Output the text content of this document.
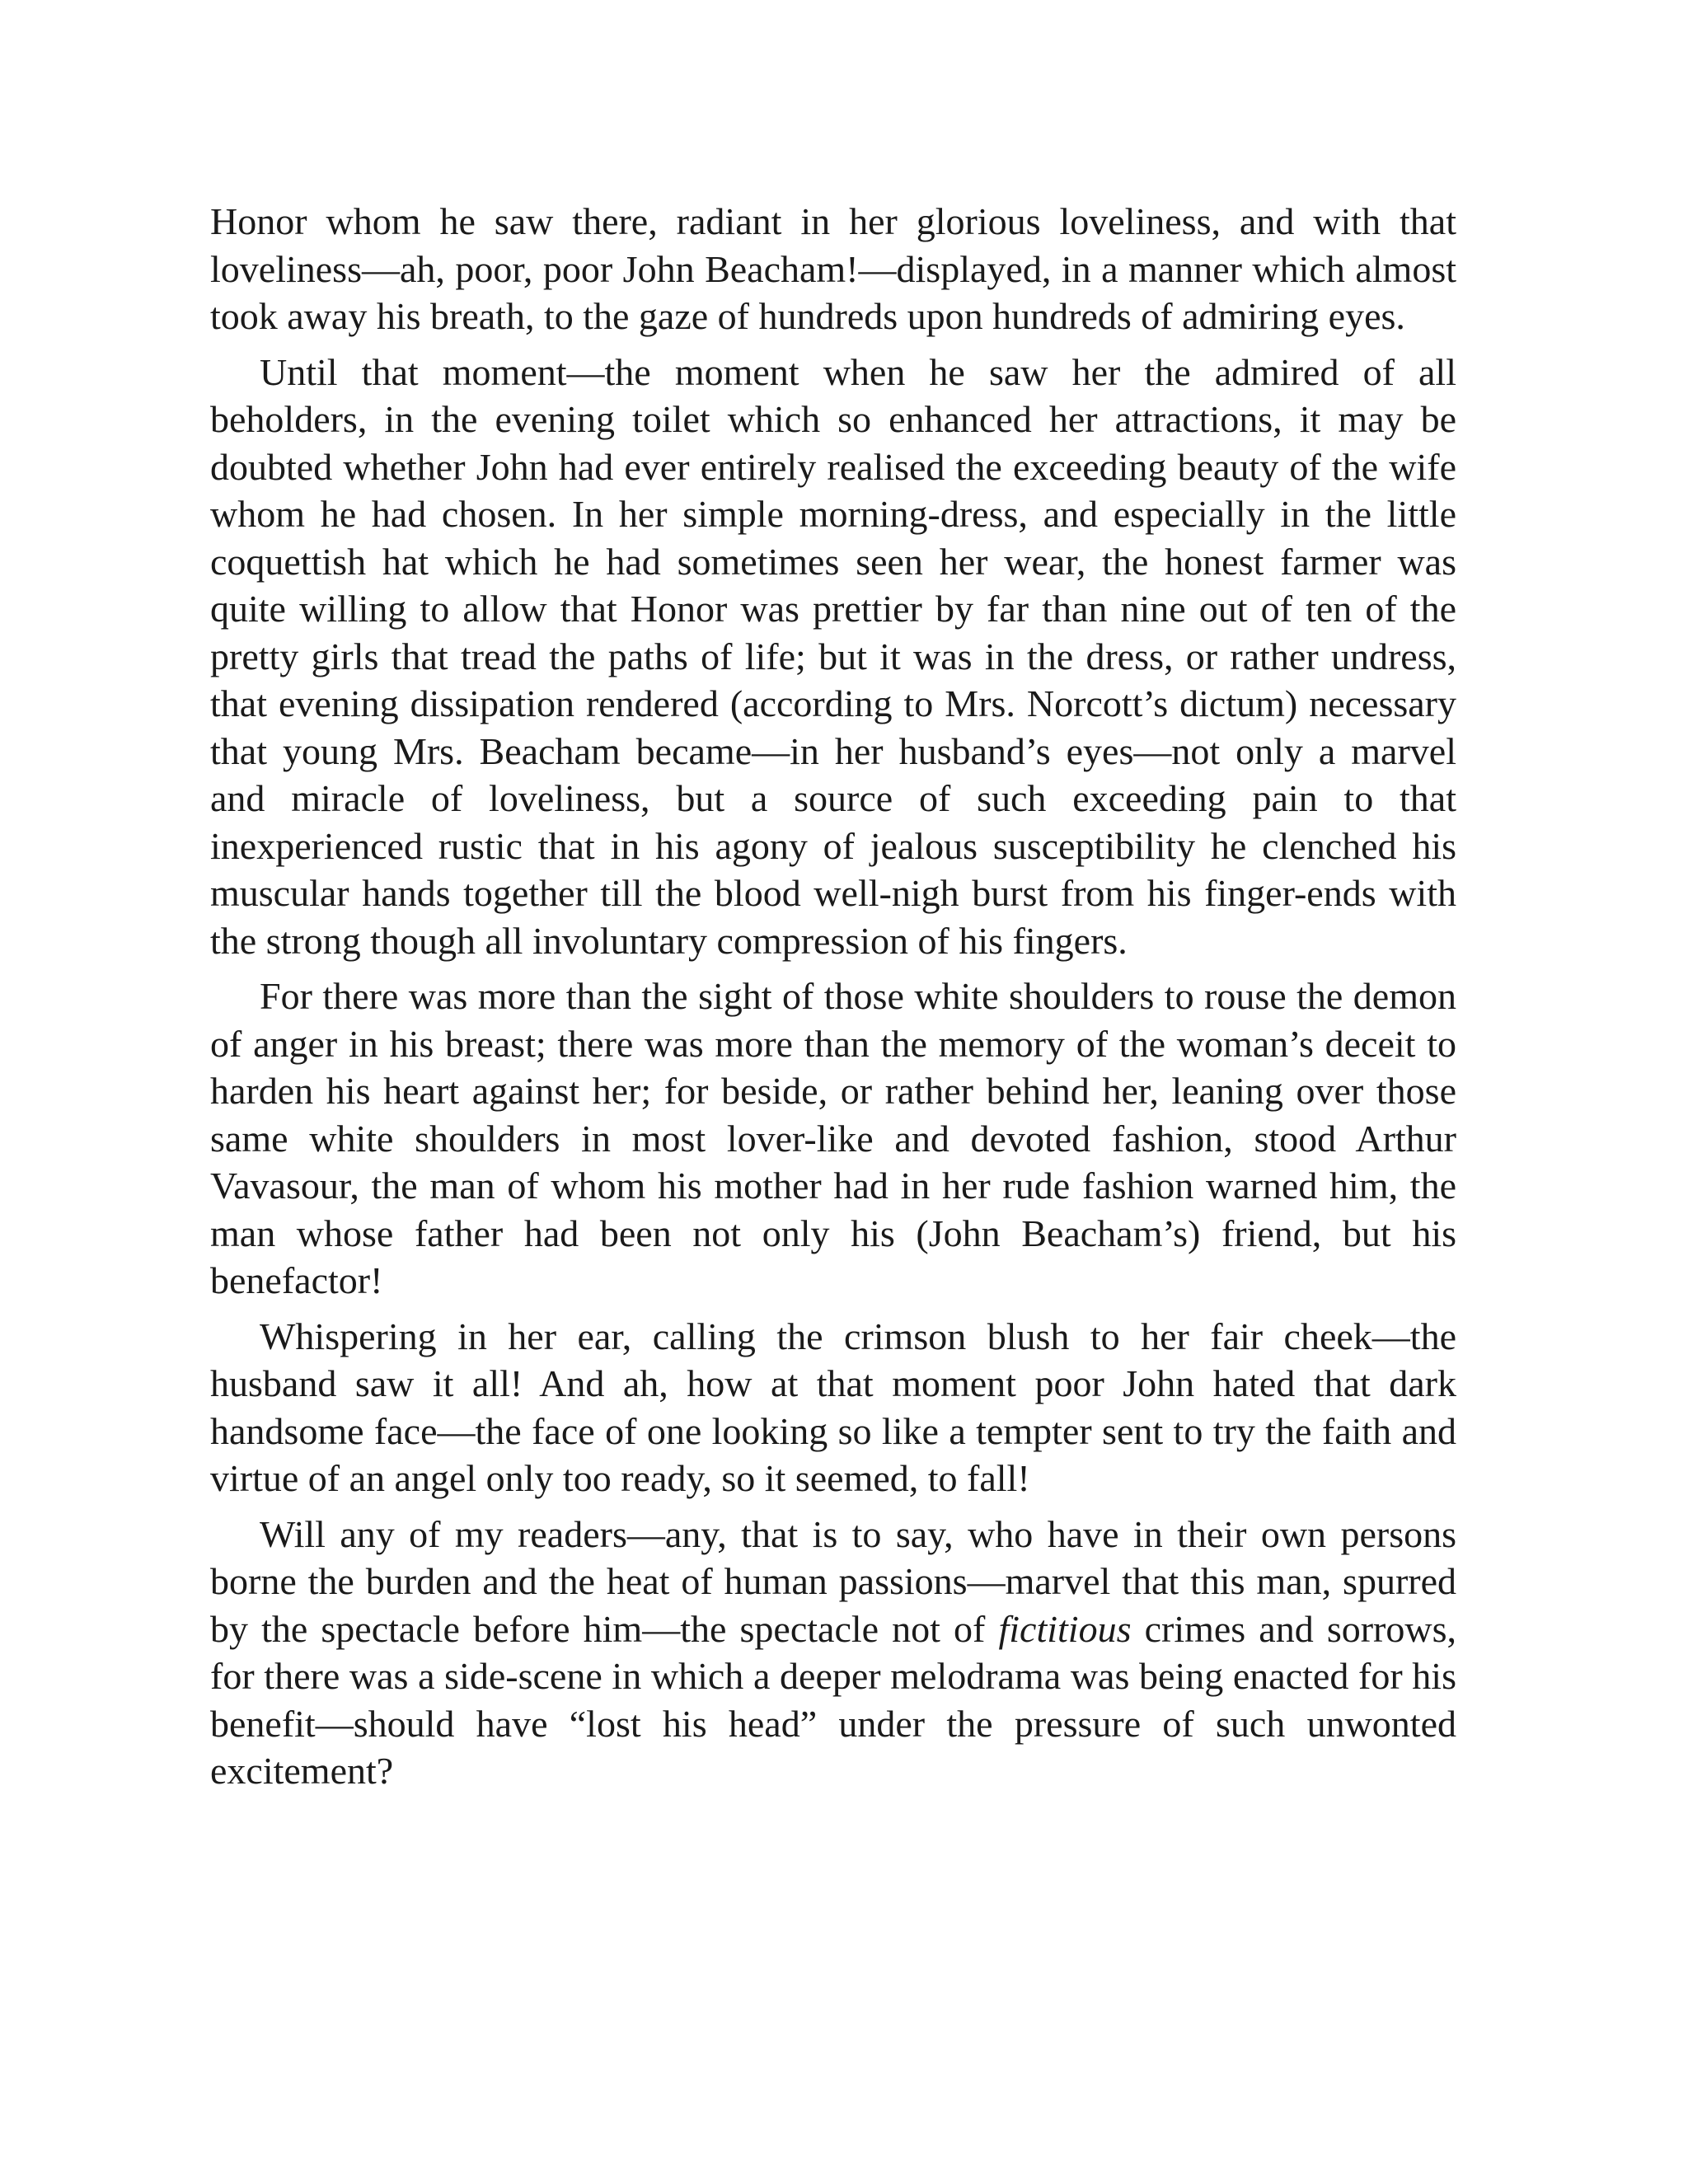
Honor whom he saw there, radiant in her glorious loveliness, and with that loveliness—ah, poor, poor John Beacham!—displayed, in a manner which almost took away his breath, to the gaze of hundreds upon hundreds of admiring eyes.

Until that moment—the moment when he saw her the admired of all beholders, in the evening toilet which so enhanced her attractions, it may be doubted whether John had ever entirely realised the exceeding beauty of the wife whom he had chosen. In her simple morning-dress, and especially in the little coquettish hat which he had sometimes seen her wear, the honest farmer was quite willing to allow that Honor was prettier by far than nine out of ten of the pretty girls that tread the paths of life; but it was in the dress, or rather undress, that evening dissipation rendered (according to Mrs. Norcott’s dictum) necessary that young Mrs. Beacham became—in her husband’s eyes—not only a marvel and miracle of loveliness, but a source of such exceeding pain to that inexperienced rustic that in his agony of jealous susceptibility he clenched his muscular hands together till the blood well-nigh burst from his finger-ends with the strong though all involuntary compression of his fingers.

For there was more than the sight of those white shoulders to rouse the demon of anger in his breast; there was more than the memory of the woman’s deceit to harden his heart against her; for beside, or rather behind her, leaning over those same white shoulders in most lover-like and devoted fashion, stood Arthur Vavasour, the man of whom his mother had in her rude fashion warned him, the man whose father had been not only his (John Beacham’s) friend, but his benefactor!

Whispering in her ear, calling the crimson blush to her fair cheek—the husband saw it all! And ah, how at that moment poor John hated that dark handsome face—the face of one looking so like a tempter sent to try the faith and virtue of an angel only too ready, so it seemed, to fall!

Will any of my readers—any, that is to say, who have in their own persons borne the burden and the heat of human passions—marvel that this man, spurred by the spectacle before him—the spectacle not of fictitious crimes and sorrows, for there was a side-scene in which a deeper melodrama was being enacted for his benefit—should have “lost his head” under the pressure of such unwonted excitement?
